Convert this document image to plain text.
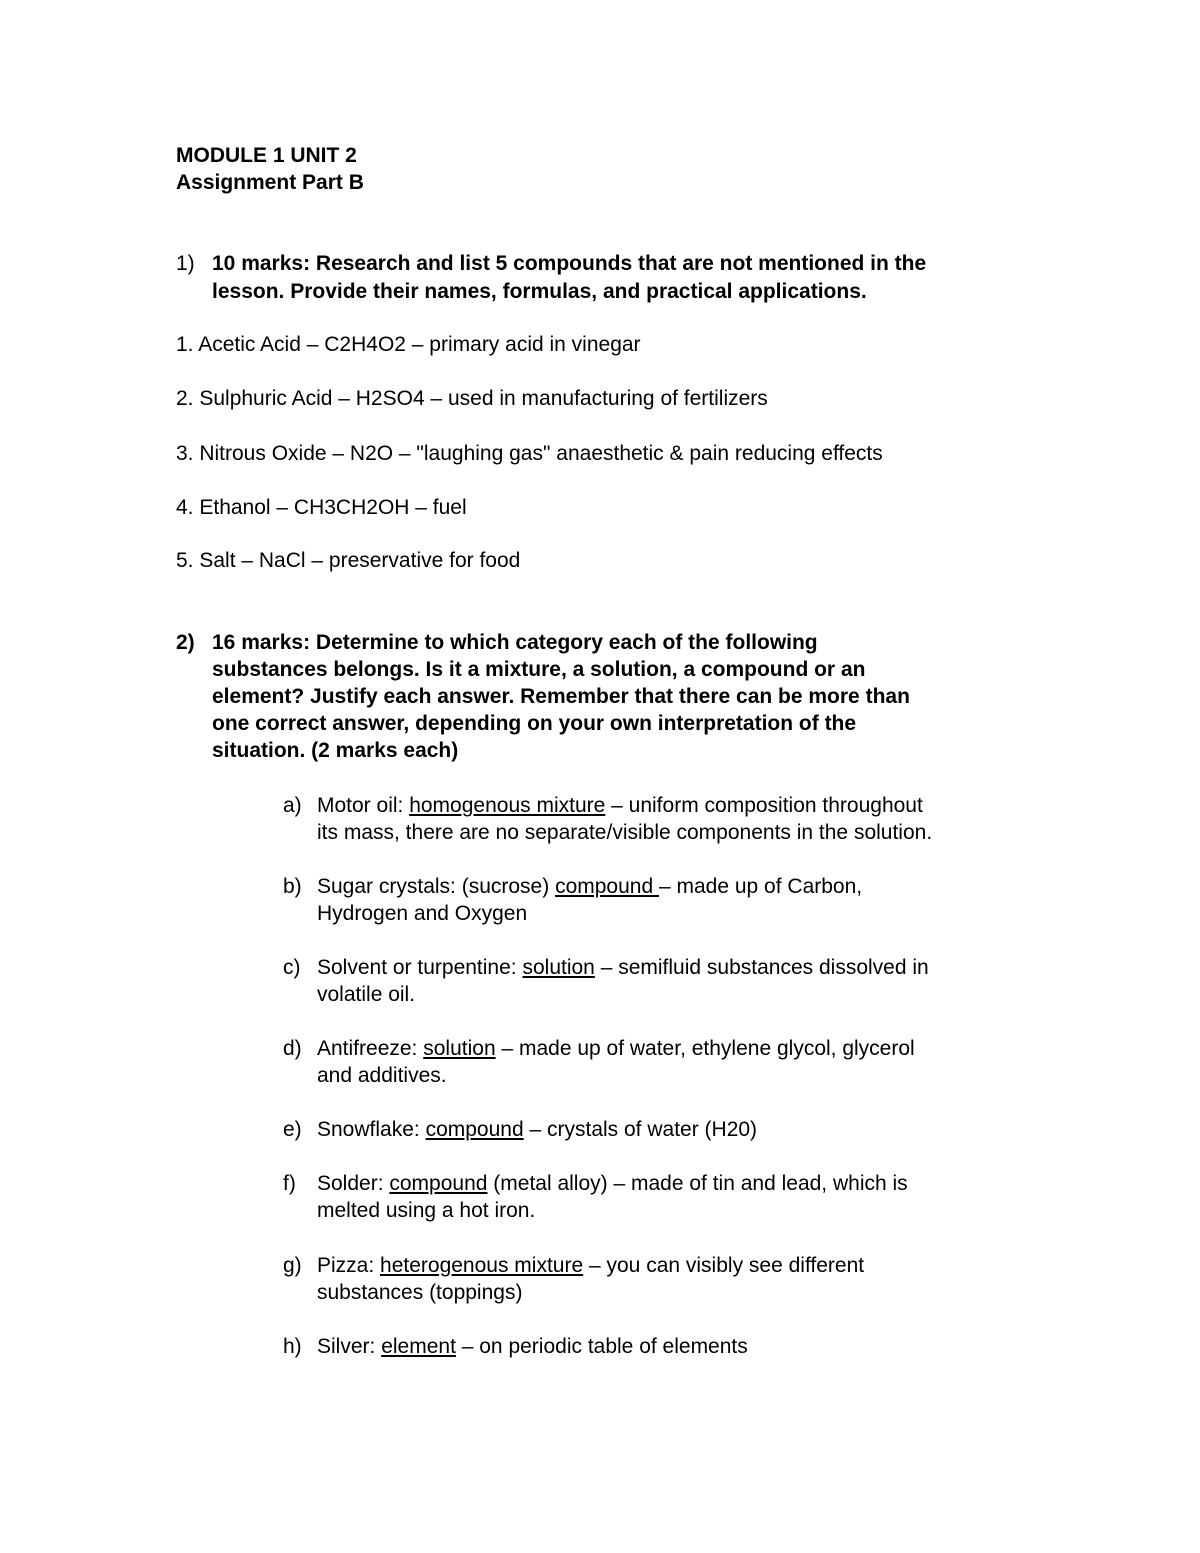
MODULE 1 UNIT 2
Assignment Part B
1) 10 marks: Research and list 5 compounds that are not mentioned in the
lesson. Provide their names, formulas, and practical applications.
1. Acetic Acid – C2H4O2 – primary acid in vinegar
2. Sulphuric Acid – H2SO4 – used in manufacturing of fertilizers
3. Nitrous Oxide – N2O – "laughing gas" anaesthetic & pain reducing effects
4. Ethanol – CH3CH2OH – fuel
5. Salt – NaCl – preservative for food
2) 16 marks: Determine to which category each of the following
substances belongs. Is it a mixture, a solution, a compound or an
element? Justify each answer. Remember that there can be more than
one correct answer, depending on your own interpretation of the
situation. (2 marks each)
a) Motor oil: homogenous mixture – uniform composition throughout
its mass, there are no separate/visible components in the solution.
b) Sugar crystals: (sucrose) compound – made up of Carbon,
Hydrogen and Oxygen
c) Solvent or turpentine: solution – semifluid substances dissolved in
volatile oil.
d) Antifreeze: solution – made up of water, ethylene glycol, glycerol
and additives.
e) Snowflake: compound – crystals of water (H20)
f) Solder: compound (metal alloy) – made of tin and lead, which is
melted using a hot iron.
g) Pizza: heterogenous mixture – you can visibly see different
substances (toppings)
h) Silver: element – on periodic table of elements
